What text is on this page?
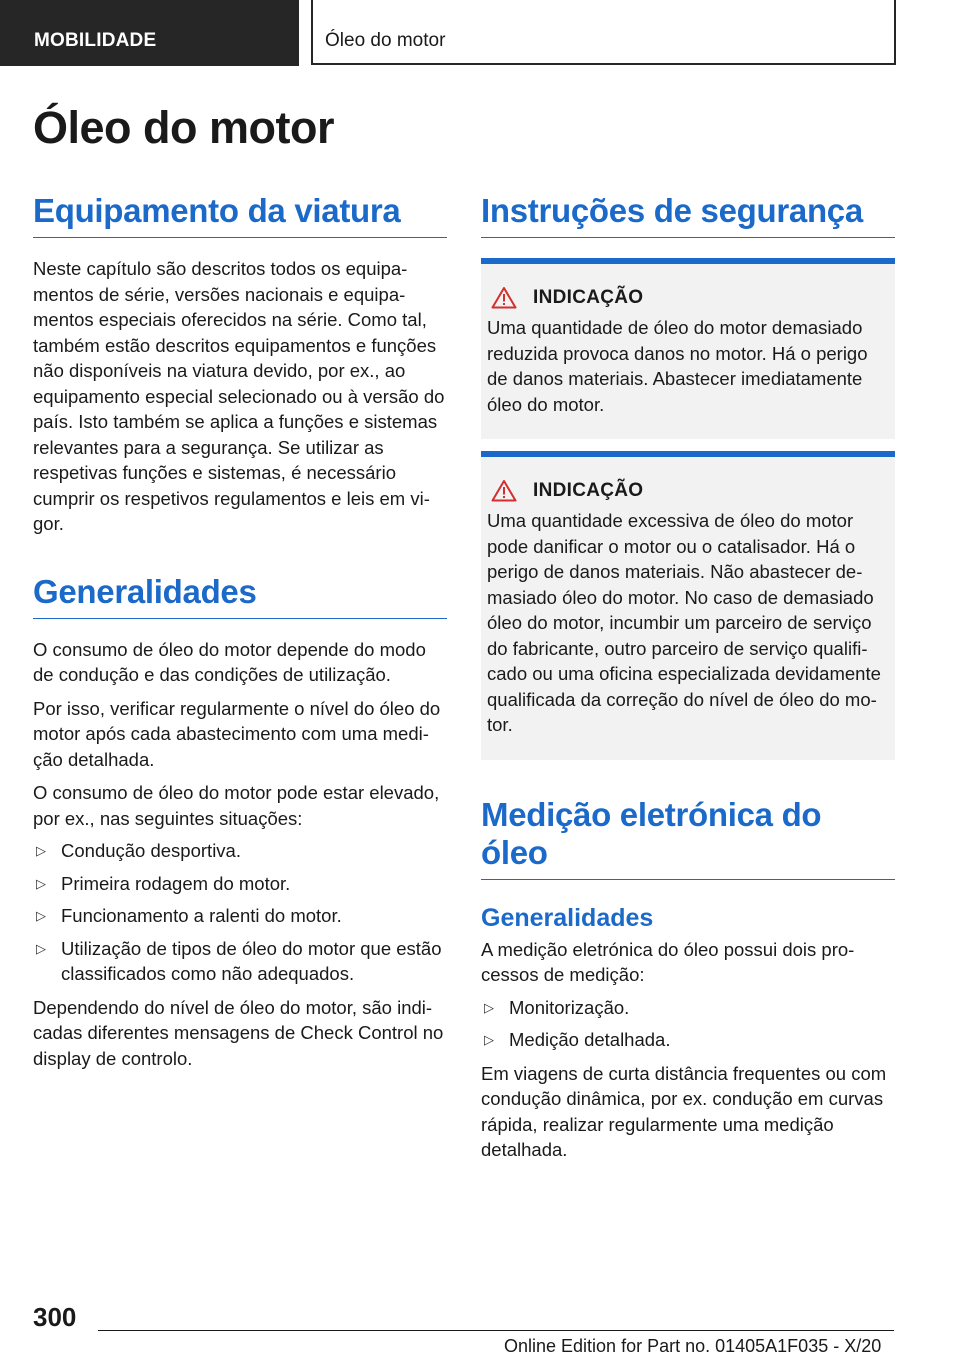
MOBILIDADE	Óleo do motor
Óleo do motor
Equipamento da viatura

Neste capítulo são descritos todos os equipamentos de série, versões nacionais e equipamentos especiais oferecidos na série. Como tal, também estão descritos equipamentos e funções não disponíveis na viatura devido, por ex., ao equipamento especial selecionado ou à versão do país. Isto também se aplica a funções e sistemas relevantes para a segurança. Se utilizar as respetivas funções e sistemas, é necessário cumprir os respetivos regulamentos e leis em vigor.

Generalidades

O consumo de óleo do motor depende do modo de condução e das condições de utilização.

Por isso, verificar regularmente o nível do óleo do motor após cada abastecimento com uma medição detalhada.

O consumo de óleo do motor pode estar elevado, por ex., nas seguintes situações:

▷ Condução desportiva.
▷ Primeira rodagem do motor.
▷ Funcionamento a ralenti do motor.
▷ Utilização de tipos de óleo do motor que estão classificados como não adequados.

Dependendo do nível de óleo do motor, são indicadas diferentes mensagens de Check Control no display de controlo.

Instruções de segurança
INDICAÇÃO

Uma quantidade de óleo do motor demasiado reduzida provoca danos no motor. Há o perigo de danos materiais. Abastecer imediatamente óleo do motor.

INDICAÇÃO

Uma quantidade excessiva de óleo do motor pode danificar o motor ou o catalisador. Há o perigo de danos materiais. Não abastecer demasiado óleo do motor. No caso de demasiado óleo do motor, incumbir um parceiro de serviço do fabricante, outro parceiro de serviço qualificado ou uma oficina especializada devidamente qualificada da correção do nível de óleo do motor.

Medição eletrónica do óleo
Generalidades

A medição eletrónica do óleo possui dois processos de medição:

▷ Monitorização.
▷ Medição detalhada.

Em viagens de curta distância frequentes ou com condução dinâmica, por ex. condução em curvas rápida, realizar regularmente uma medição detalhada.

300
Online Edition for Part no. 01405A1F035 - X/20
